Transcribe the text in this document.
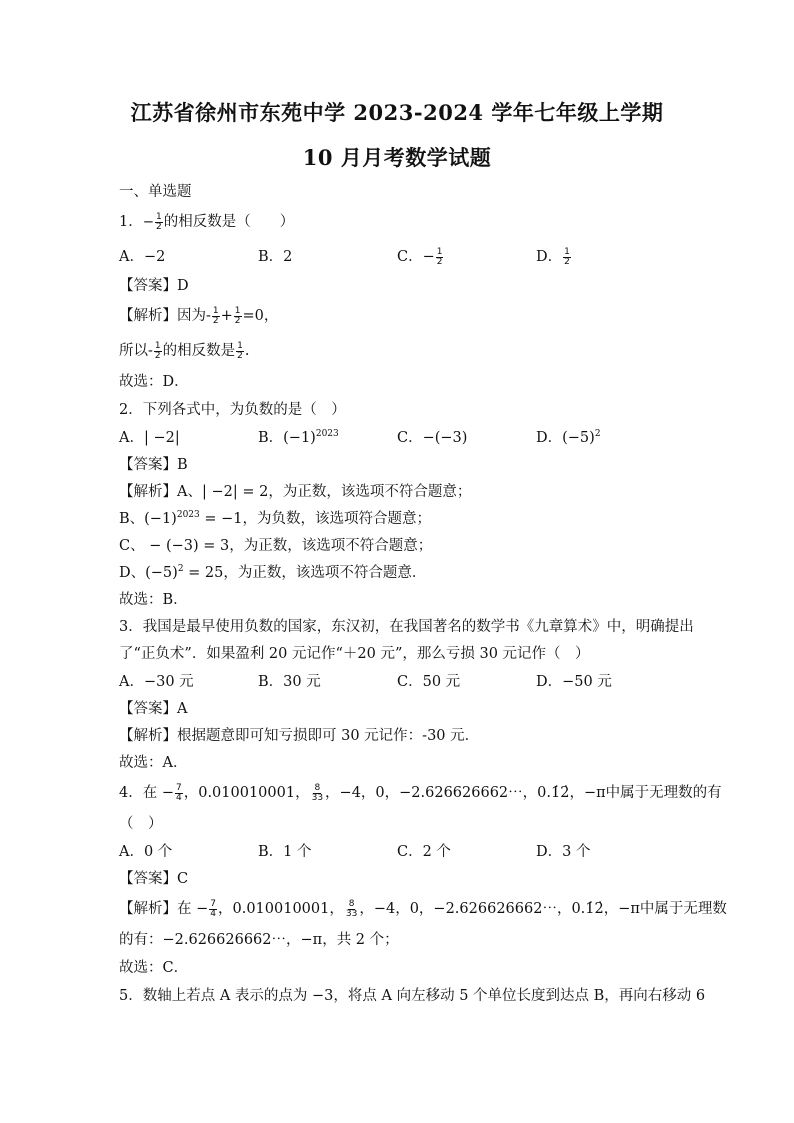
江苏省徐州市东苑中学 2023-2024 学年七年级上学期
10 月月考数学试题
一、单选题
1．− $\frac{1}{2}$ 的相反数是（　　）
A．−2	B．2	C．− $\frac{1}{2}$	D． $\frac{1}{2}$
【答案】D
【解析】因为- $\frac{1}{2} + \frac{1}{2} =0$，
所以- $\frac{1}{2}$ 的相反数是 $\frac{1}{2}$ .
故选：D．
2．下列各式中，为负数的是（　）
A．| −2|	B．$(-1)^{2023}$	C．−(−3)	D．$(-5)^2$
【答案】B
【解析】A、| −2| = 2，为正数，该选项不符合题意；
B、$(-1)^{2023} = -1$，为负数，该选项符合题意；
C、 − (−3) = 3，为正数，该选项不符合题意；
D、$(-5)^2 = 25$，为正数，该选项不符合题意．
故选：B．
3．我国是最早使用负数的国家，东汉初，在我国著名的数学书《九章算术》中，明确提出
了“正负术”．如果盈利 20 元记作“＋20 元”，那么亏损 30 元记作（　）
A．−30 元	B．30 元	C．50 元	D．−50 元
【答案】A
【解析】根据题意即可知亏损即可 30 元记作：-30 元．
故选：A．
4．在 − $\frac{7}{4}$ ，0.010010001， $\frac{8}{33}$ ，−4，0，−2.626626662⋯，0.1̇2̇，−π中属于无理数的有
（　）
A．0 个	B．1 个	C．2 个	D．3 个
【答案】C
【解析】在 − $\frac{7}{4}$ ，0.010010001， $\frac{8}{33}$ ，−4，0，−2.626626662⋯，0.1̇2̇，−π中属于无理数
的有：−2.626626662⋯，−π，共 2 个；
故选：C．
5．数轴上若点 A 表示的点为 −3，将点 A 向左移动 5 个单位长度到达点 B，再向右移动 6
